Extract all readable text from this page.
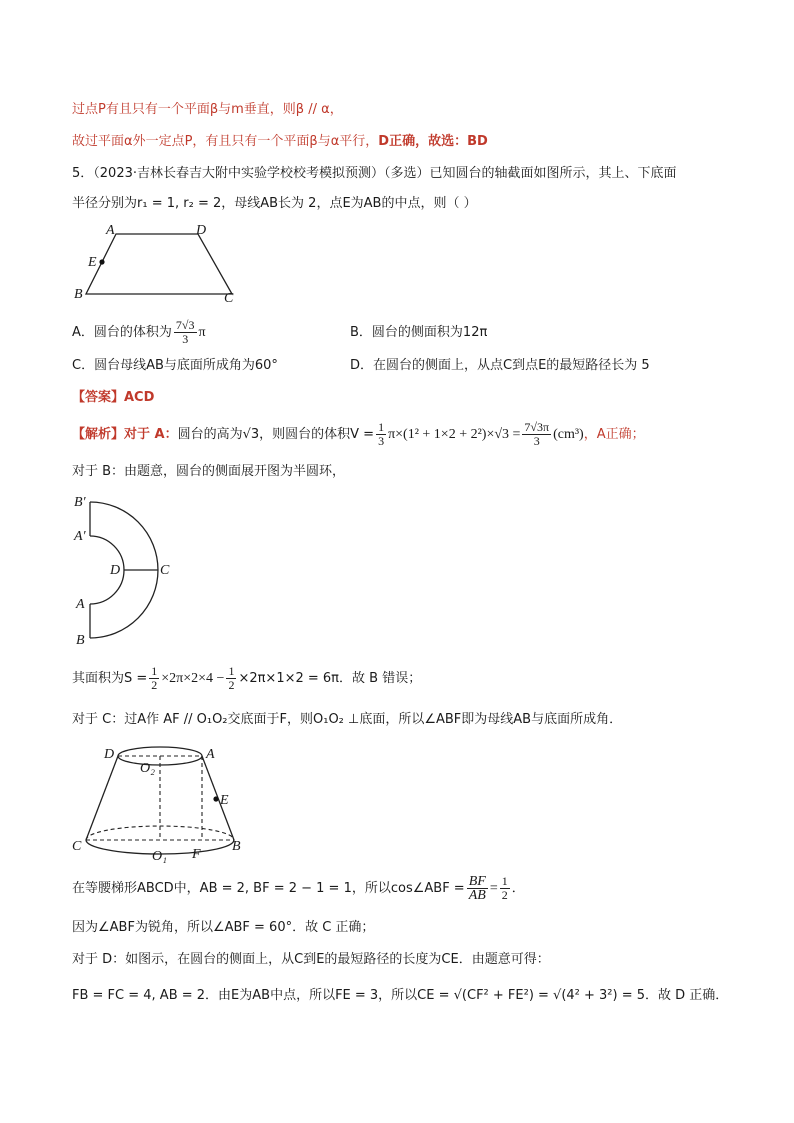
过点P有且只有一个平面β与m垂直，则β // α，
故过平面α外一定点P，有且只有一个平面β与α平行，D正确，故选：BD
5．（2023·吉林长春吉大附中实验学校校考模拟预测）（多选）已知圆台的轴截面如图所示，其上、下底面
半径分别为r₁ = 1, r₂ = 2，母线AB长为 2，点E为AB的中点，则（ ）
A	D
E
B	C
A．圆台的体积为 $\frac{7√3}{3}$ π	B．圆台的侧面积为12π
C．圆台母线AB与底面所成角为60°	D．在圆台的侧面上，从点C到点E的最短路径长为 5
【答案】ACD
【解析】对于 A：圆台的高为√3，则圆台的体积$V = \frac{1}{3} \pi\times(1^2 + 1\times 2 + 2^2)\times√3 = \frac{7√3\pi}{3} (cm^3)$，A正确；
对于 B：由题意，圆台的侧面展开图为半圆环，
B′
A′
D	C
A
B
其面积为$S = \frac{1}{2} \times 2\pi\times 2\times 4 - \frac{1}{2} \times 2\pi\times 1\times 2 = 6\pi$．故 B 错误；
对于 C：过A作 AF // O₁O₂交底面于F，则O₁O₂ ⊥底面，所以∠ABF即为母线AB与底面所成角．
D	A
O₂
E
C
O₁ F
B
在等腰梯形ABCD中，AB = 2, BF = 2 − 1 = 1，所以cos∠ABF = $\frac{BF}{AB} = \frac{1}{2}$ ．
因为∠ABF为锐角，所以∠ABF = 60°．故 C 正确；
对于 D：如图示，在圆台的侧面上，从C到E的最短路径的长度为CE．由题意可得：
FB = FC = 4, AB = 2．由E为AB中点，所以FE = 3，所以CE = √(CF² + FE²) = √(4² + 3²) = 5．故 D 正确．
